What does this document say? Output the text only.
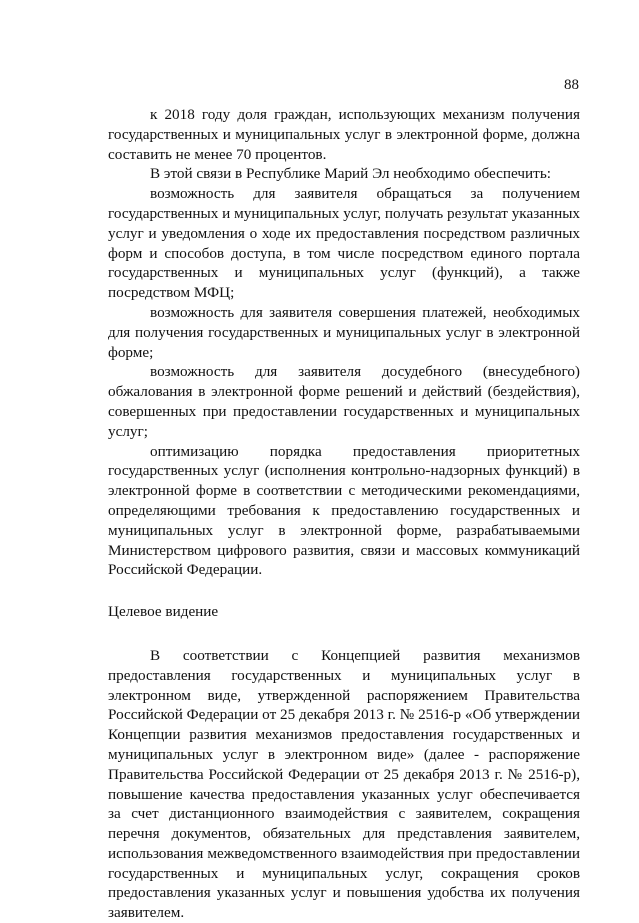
88

к 2018 году доля граждан, использующих механизм получения государственных и муниципальных услуг в электронной форме, должна составить не менее 70 процентов.

В этой связи в Республике Марий Эл необходимо обеспечить:

возможность для заявителя обращаться за получением государственных и муниципальных услуг, получать результат указанных услуг и уведомления о ходе их предоставления посредством различных форм и способов доступа, в том числе посредством единого портала государственных и муниципальных услуг (функций), а также посредством МФЦ;

возможность для заявителя совершения платежей, необходимых для получения государственных и муниципальных услуг в электронной форме;

возможность для заявителя досудебного (внесудебного) обжалования в электронной форме решений и действий (бездействия), совершенных при предоставлении государственных и муниципальных услуг;

оптимизацию порядка предоставления приоритетных государственных услуг (исполнения контрольно-надзорных функций) в электронной форме в соответствии с методическими рекомендациями, определяющими требования к предоставлению государственных и муниципальных услуг в электронной форме, разрабатываемыми Министерством цифрового развития, связи и массовых коммуникаций Российской Федерации.

Целевое видение

В соответствии с Концепцией развития механизмов предоставления государственных и муниципальных услуг в электронном виде, утвержденной распоряжением Правительства Российской Федерации от 25 декабря 2013 г. № 2516-р «Об утверждении Концепции развития механизмов предоставления государственных и муниципальных услуг в электронном виде» (далее - распоряжение Правительства Российской Федерации от 25 декабря 2013 г. № 2516-р), повышение качества предоставления указанных услуг обеспечивается за счет дистанционного взаимодействия с заявителем, сокращения перечня документов, обязательных для представления заявителем, использования межведомственного взаимодействия при предоставлении государственных и муниципальных услуг, сокращения сроков предоставления указанных услуг и повышения удобства их получения заявителем.
